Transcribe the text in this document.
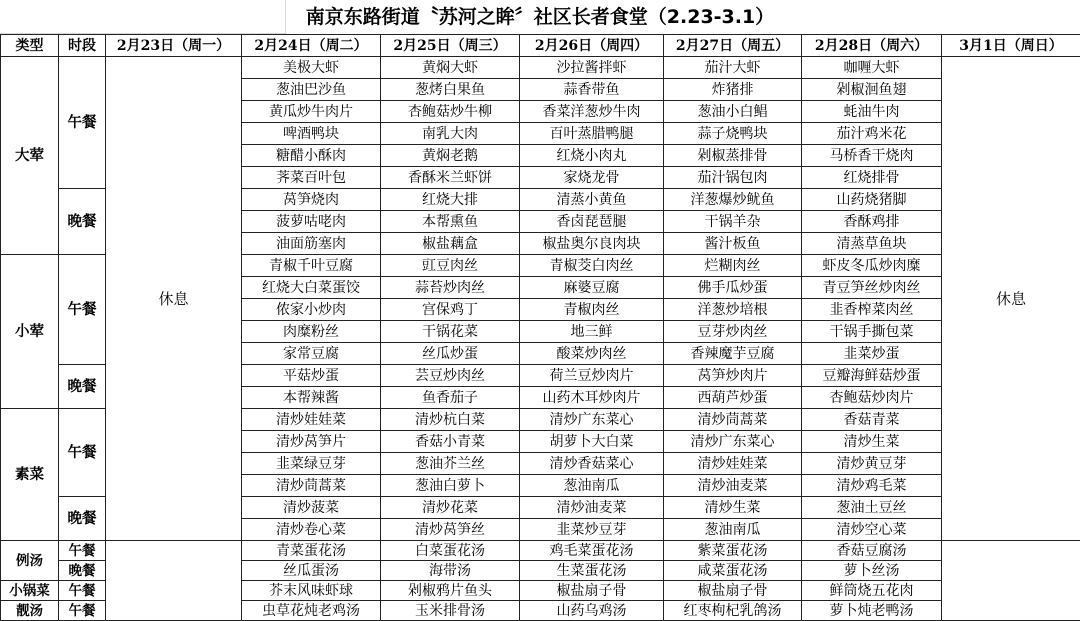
南京东路街道〝苏河之眸〞社区长者食堂（2.23-3.1）
类型	时段	2月23日（周一）	2月24日（周二）	2月25日（周三）	2月26日（周四）	2月27日（周五）	2月28日（周六）	3月1日（周日）
大荤	午餐	休息	美极大虾	黄焖大虾	沙拉酱拌虾	茄汁大虾	咖喱大虾	休息
			葱油巴沙鱼	葱烤白果鱼	蒜香带鱼	炸猪排	剁椒洄鱼翅	
			黄瓜炒牛肉片	杏鲍菇炒牛柳	香菜洋葱炒牛肉	葱油小白鲳	蚝油牛肉	
			啤酒鸭块	南乳大肉	百叶蒸腊鸭腿	蒜子烧鸭块	茄汁鸡米花	
			糖醋小酥肉	黄焖老鹅	红烧小肉丸	剁椒蒸排骨	马桥香干烧肉	
			荠菜百叶包	香酥米兰虾饼	家烧龙骨	茄汁锅包肉	红烧排骨	
	晚餐		莴笋烧肉	红烧大排	清蒸小黄鱼	洋葱爆炒鱿鱼	山药烧猪脚	
			菠萝咕咾肉	本帮熏鱼	香卤琵琶腿	干锅羊杂	香酥鸡排	
			油面筋塞肉	椒盐藕盒	椒盐奥尔良肉块	酱汁板鱼	清蒸草鱼块	
小荤	午餐		青椒千叶豆腐	豇豆肉丝	青椒茭白肉丝	烂糊肉丝	虾皮冬瓜炒肉糜	
			红烧大白菜蛋饺	蒜苔炒肉丝	麻婆豆腐	佛手瓜炒蛋	青豆笋丝炒肉丝	
			侬家小炒肉	宫保鸡丁	青椒肉丝	洋葱炒培根	韭香榨菜肉丝	
			肉糜粉丝	干锅花菜	地三鲜	豆芽炒肉丝	干锅手撕包菜	
			家常豆腐	丝瓜炒蛋	酸菜炒肉丝	香辣魔芋豆腐	韭菜炒蛋	
	晚餐		平菇炒蛋	芸豆炒肉丝	荷兰豆炒肉片	莴笋炒肉片	豆瓣海鲜菇炒蛋	
			本帮辣酱	鱼香茄子	山药木耳炒肉片	西葫芦炒蛋	杏鲍菇炒肉片	
素菜	午餐		清炒娃娃菜	清炒杭白菜	清炒广东菜心	清炒茼蒿菜	香菇青菜	
			清炒莴笋片	香菇小青菜	胡萝卜大白菜	清炒广东菜心	清炒生菜	
			韭菜绿豆芽	葱油芥兰丝	清炒香菇菜心	清炒娃娃菜	清炒黄豆芽	
			清炒茼蒿菜	葱油白萝卜	葱油南瓜	清炒油麦菜	清炒鸡毛菜	
	晚餐		清炒菠菜	清炒花菜	清炒油麦菜	清炒生菜	葱油土豆丝	
			清炒卷心菜	清炒莴笋丝	韭菜炒豆芽	葱油南瓜	清炒空心菜	
例汤	午餐		青菜蛋花汤	白菜蛋花汤	鸡毛菜蛋花汤	紫菜蛋花汤	香菇豆腐汤	
	晚餐		丝瓜蛋汤	海带汤	生菜蛋花汤	咸菜蛋花汤	萝卜丝汤	
小锅菜	午餐		芥末风味虾球	剁椒鸦片鱼头	椒盐扇子骨	椒盐扇子骨	鲜筒烧五花肉	
靓汤	午餐		虫草花炖老鸡汤	玉米排骨汤	山药乌鸡汤	红枣枸杞乳鸽汤	萝卜炖老鸭汤	
